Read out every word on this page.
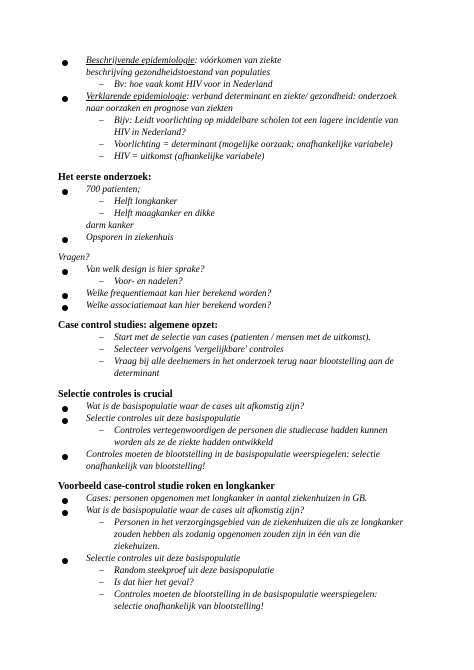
Beschrijvende epidemiologie: vóórkomen van ziekte
beschrijving gezondheidstoestand van populaties
– Bv: hoe vaak komt HIV voor in Nederland
Verklarende epidemiologie: verband determinant en ziekte/ gezondheid: onderzoek
naar oorzaken en prognose van ziekten
– Bijv: Leidt voorlichting op middelbare scholen tot een lagere incidentie van
HIV in Nederland?
– Voorlichting = determinant (mogelijke oorzaak; onafhankelijke variabele)
– HIV = uitkomst (afhankelijke variabele)
Het eerste onderzoek:
700 patienten;
– Helft longkanker
– Helft maagkanker en dikke
darm kanker
Opsporen in ziekenhuis
Vragen?
Van welk design is hier sprake?
– Voor- en nadelen?
Welke frequentiemaat kan hier berekend worden?
Welke associatiemaat kan hier berekend worden?
Case control studies: algemene opzet:
– Start met de selectie van cases (patienten / mensen met de uitkomst).
– Selecteer vervolgens 'vergelijkbare' controles
– Vraag bij alle deelnemers in het onderzoek terug naar blootstelling aan de
determinant
Selectie controles is crucial
Wat is de basispopulatie waar de cases uit afkomstig zijn?
Selectie controles uit deze basispopulatie
– Controles vertegenwoordigen de personen die studiecase hadden kunnen
worden als ze de ziekte hadden ontwikkeld
Controles moeten de blootstelling in de basispopulatie weerspiegelen: selectie
onafhankelijk van blootstelling!
Voorbeeld case-control studie roken en longkanker
Cases: personen opgenomen met longkanker in aantal ziekenhuizen in GB.
Wat is de basispopulatie waar de cases uit afkomstig zijn?
– Personen in het verzorgingsgebied van de ziekenhuizen die als ze longkanker
zouden hebben als zodanig opgenomen zouden zijn in één van die
ziekehuizen.
Selectie controles uit deze basispopulatie
– Random steekproef uit deze basispopulatie
– Is dat hier het geval?
– Controles moeten de blootstelling in de basispopulatie weerspiegelen:
selectie onafhankelijk van blootstelling!
